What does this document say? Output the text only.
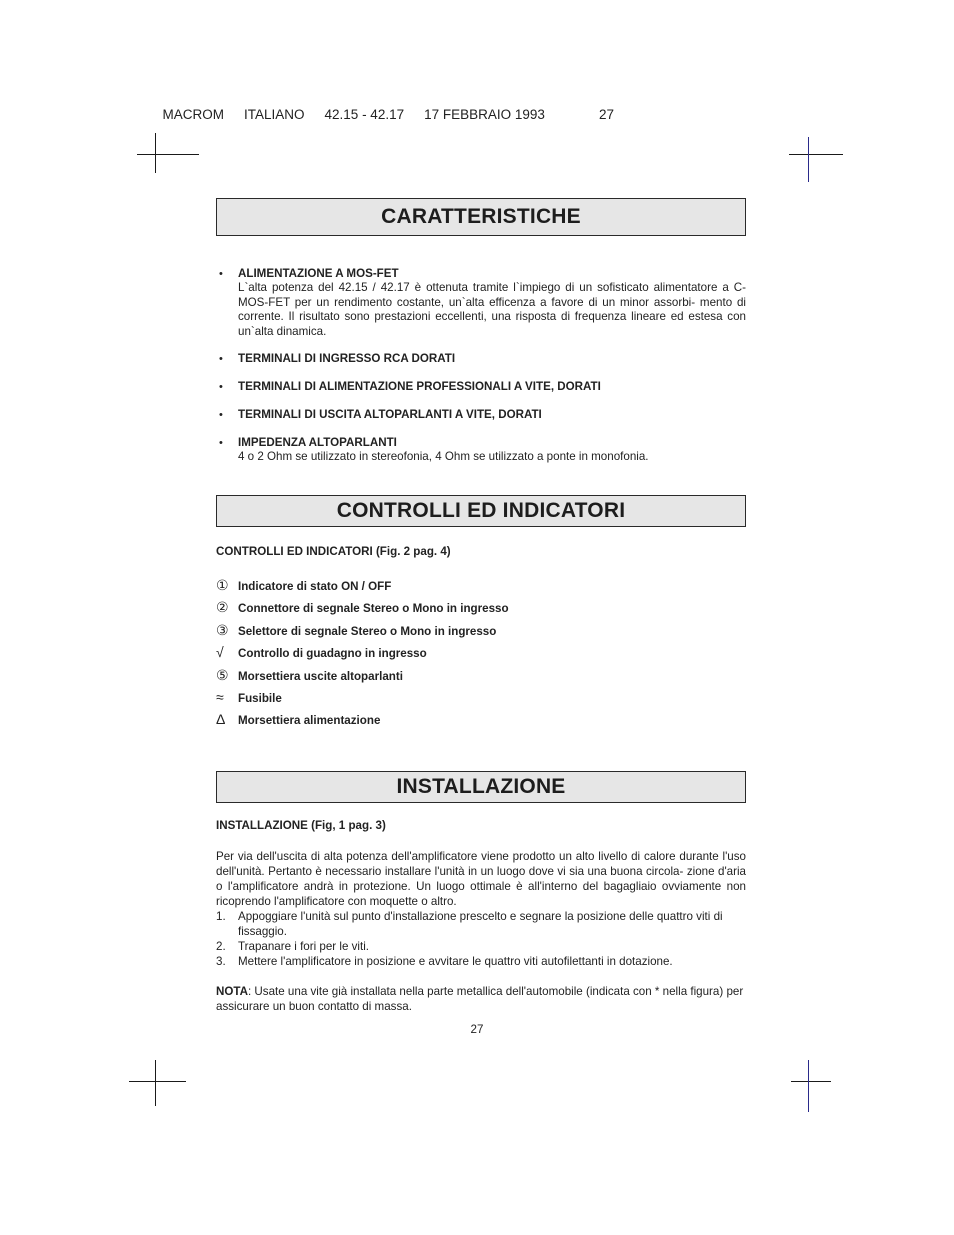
MACROM ITALIANO 42.15 - 42.17 17 FEBBRAIO 1993	27

CARATTERISTICHE
• ALIMENTAZIONE A MOS-FET
L`alta potenza del 42.15 / 42.17 è ottenuta tramite l`impiego di un sofisticato alimentatore a C-MOS-FET per un rendimento costante, un`alta efficenza a favore di un minor assorbi- mento di corrente. Il risultato sono prestazioni eccellenti, una risposta di frequenza lineare ed estesa con un`alta dinamica.
• TERMINALI DI INGRESSO RCA DORATI
• TERMINALI DI ALIMENTAZIONE PROFESSIONALI A VITE, DORATI
• TERMINALI DI USCITA ALTOPARLANTI A VITE, DORATI
• IMPEDENZA ALTOPARLANTI
4 o 2 Ohm se utilizzato in stereofonia, 4 Ohm se utilizzato a ponte in monofonia.
CONTROLLI ED INDICATORI
CONTROLLI ED INDICATORI (Fig. 2 pag. 4)
① Indicatore di stato ON / OFF
② Connettore di segnale Stereo o Mono in ingresso
③ Selettore di segnale Stereo o Mono in ingresso
√	Controllo di guadagno in ingresso
⑤ Morsettiera uscite altoparlanti
≈	Fusibile
Δ	Morsettiera alimentazione
INSTALLAZIONE
INSTALLAZIONE (Fig, 1 pag. 3)
Per via dell'uscita di alta potenza dell'amplificatore viene prodotto un alto livello di calore durante l'uso dell'unità. Pertanto è necessario installare l'unità in un luogo dove vi sia una buona circola- zione d'aria o l'amplificatore andrà in protezione. Un luogo ottimale è all'interno del bagagliaio ovviamente non ricoprendo l'amplificatore con moquette o altro.
1. Appoggiare l'unità sul punto d'installazione prescelto e segnare la posizione delle quattro viti di fissaggio.
2. Trapanare i fori per le viti.
3. Mettere l'amplificatore in posizione e avvitare le quattro viti autofilettanti in dotazione.
NOTA: Usate una vite già installata nella parte metallica dell'automobile (indicata con * nella figura) per assicurare un buon contatto di massa.
27
